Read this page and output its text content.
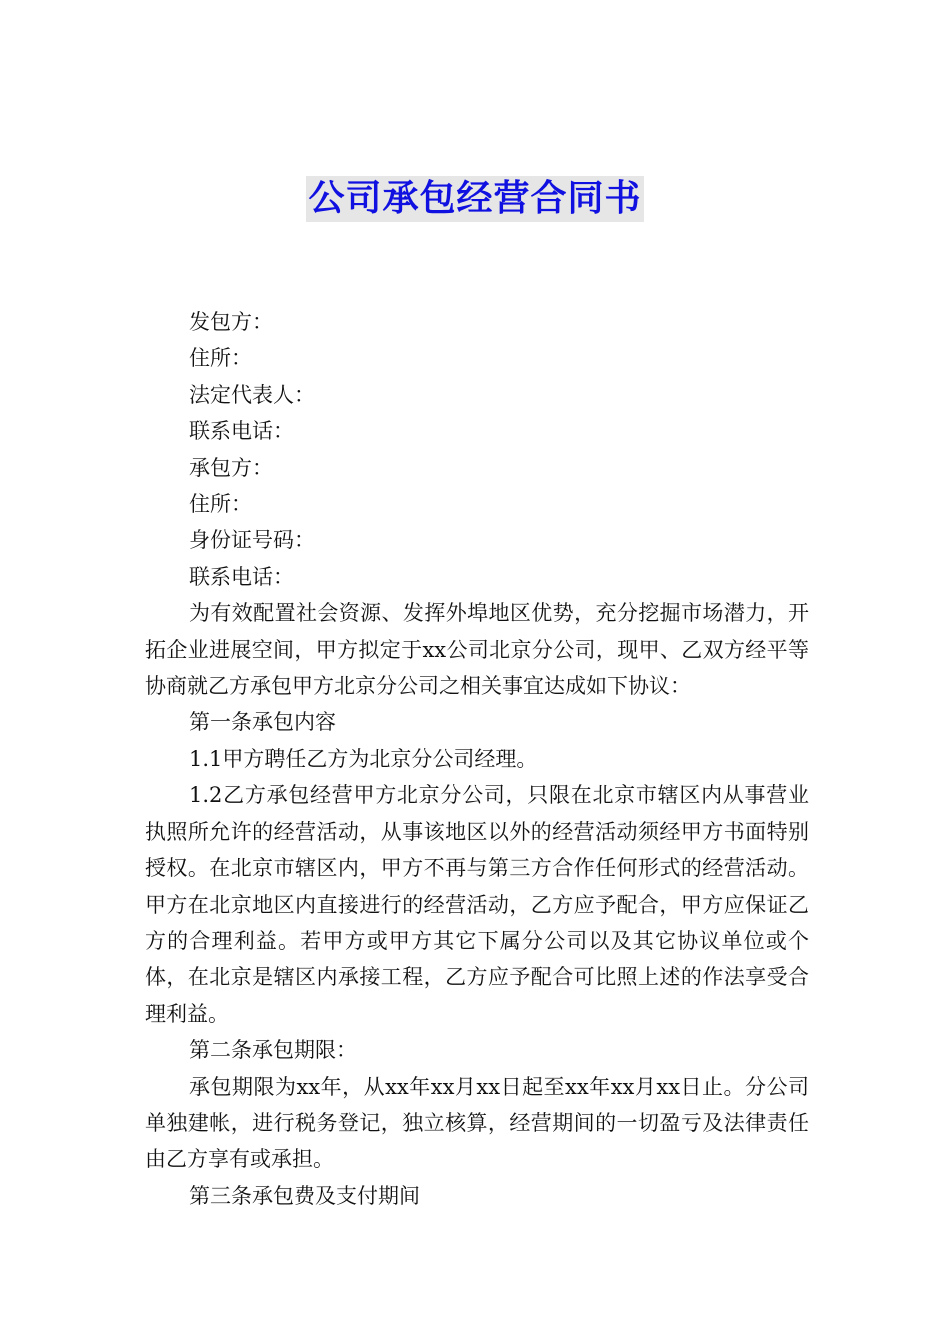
公司承包经营合同书

发包方：

住所：

法定代表人：

联系电话：

承包方：

住所：

身份证号码：

联系电话：

为有效配置社会资源、发挥外埠地区优势，充分挖掘市场潜力，开拓企业进展空间，甲方拟定于xx公司北京分公司，现甲、乙双方经平等协商就乙方承包甲方北京分公司之相关事宜达成如下协议：

第一条承包内容

1.1甲方聘任乙方为北京分公司经理。

1.2乙方承包经营甲方北京分公司，只限在北京市辖区内从事营业执照所允许的经营活动，从事该地区以外的经营活动须经甲方书面特别授权。在北京市辖区内，甲方不再与第三方合作任何形式的经营活动。甲方在北京地区内直接进行的经营活动，乙方应予配合，甲方应保证乙方的合理利益。若甲方或甲方其它下属分公司以及其它协议单位或个体，在北京是辖区内承接工程，乙方应予配合可比照上述的作法享受合理利益。

第二条承包期限：

承包期限为xx年，从xx年xx月xx日起至xx年xx月xx日止。分公司单独建帐，进行税务登记，独立核算，经营期间的一切盈亏及法律责任由乙方享有或承担。

第三条承包费及支付期间
